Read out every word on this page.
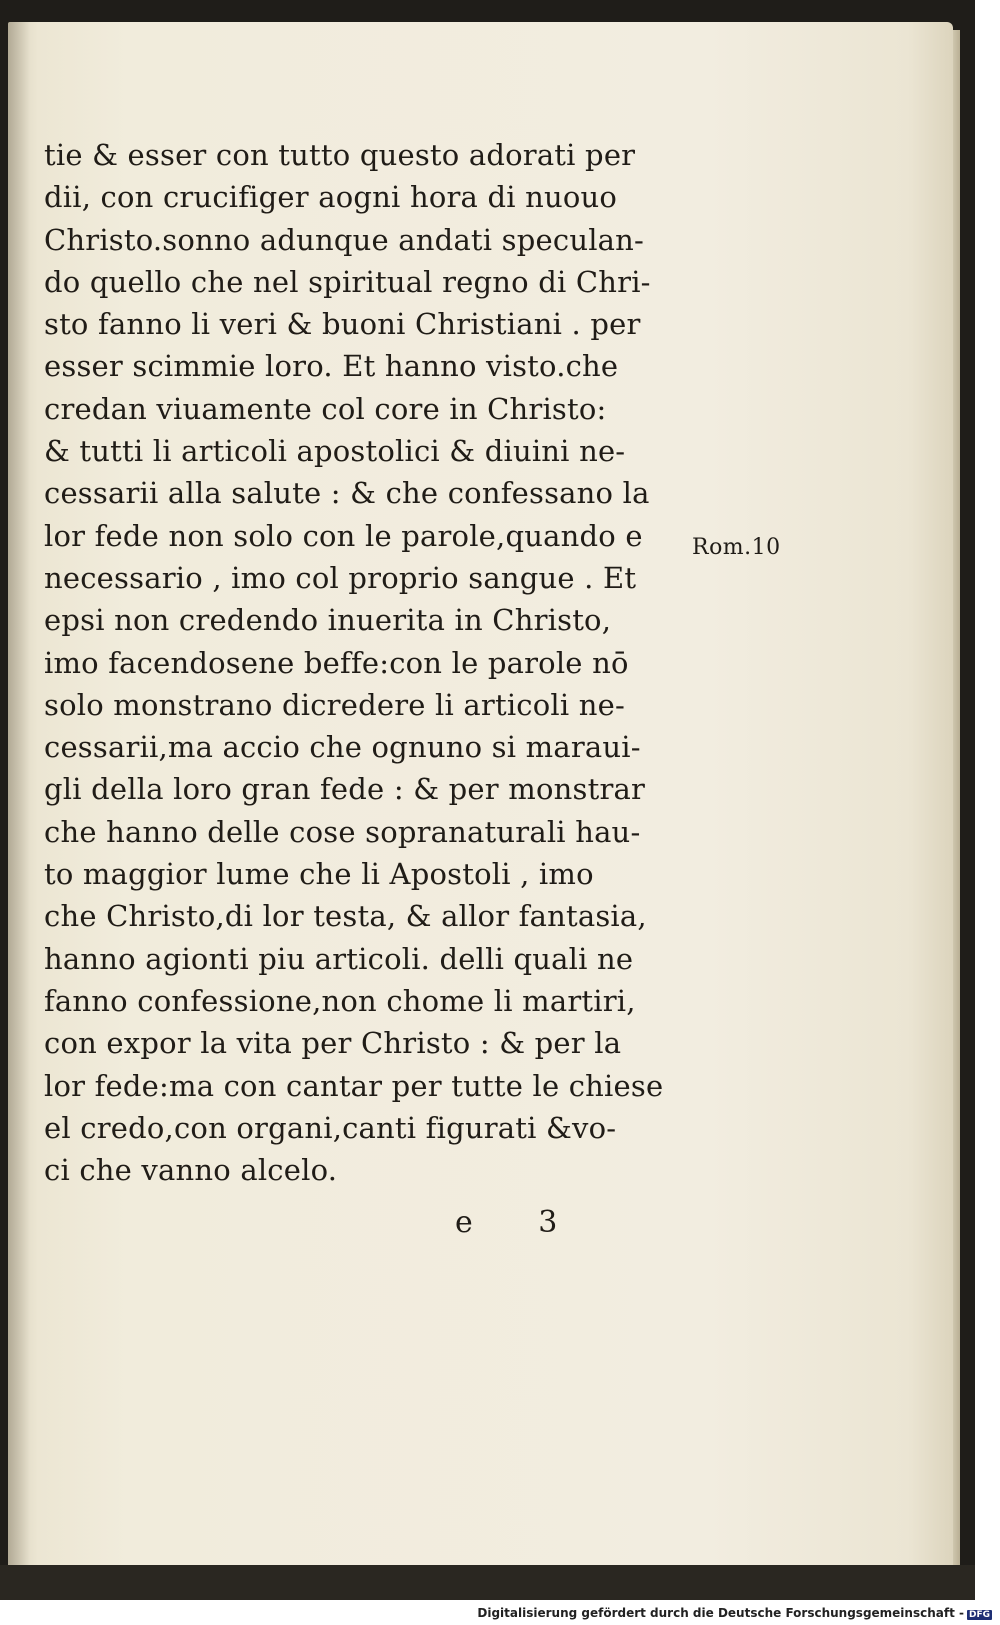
tie & esser con tutto questo adorati per
dii, con crucifiger aogni hora di nuouo
Christo.sonno adunque andati speculan-
do quello che nel spiritual regno di Chri-
sto fanno li veri & buoni Christiani . per
esser scimmie loro. Et hanno visto.che
credan viuamente col core in Christo:
& tutti li articoli apostolici & diuini ne-
cessarii alla salute : & che confessano la
lor fede non solo con le parole,quando e
necessario , imo col proprio sangue . Et
epsi non credendo inuerita in Christo,
imo facendosene beffe:con le parole nō
solo monstrano dicredere li articoli ne-
cessarii,ma accio che ognuno si maraui-
gli della loro gran fede : & per monstrar
che hanno delle cose sopranaturali hau-
to maggior lume che li Apostoli , imo
che Christo,di lor testa, & allor fantasia,
hanno agionti piu articoli. delli quali ne
fanno confessione,non chome li martiri,
con expor la vita per Christo : & per la
lor fede:ma con cantar per tutte le chiese
el credo,con organi,canti figurati &vo-
ci che vanno alcelo.
Rom.10
e 3
Digitalisierung gefördert durch die Deutsche Forschungsgemeinschaft - DFG
